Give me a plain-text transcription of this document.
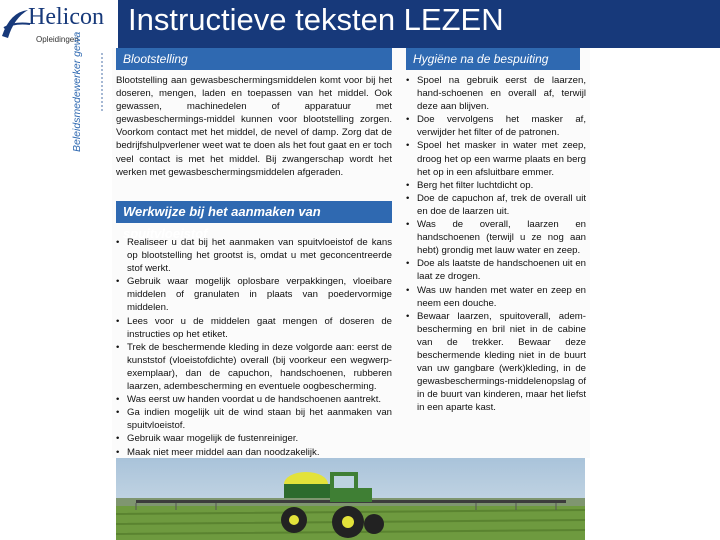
Helicon
Opleidingen
Instructieve teksten LEZEN
Beleidsmedewerker gewa	Blootstelling
Blootstelling aan gewasbeschermingsmiddelen komt voor bij het doseren, mengen, laden en toepassen van het middel. Ook gewassen, machinedelen of apparatuur met gewasbeschermings-middel kunnen voor blootstelling zorgen. Voorkom contact met het middel, de nevel of damp. Zorg dat de bedrijfshulpverlener weet wat te doen als het fout gaat en er toch veel contact is met het middel. Bij zwangerschap wordt het werken met gewasbeschermingsmiddelen afgeraden.
Werkwijze bij het aanmaken van spuitvloeistof
• Realiseer u dat bij het aanmaken van spuitvloeistof de kans op blootstelling het grootst is, omdat u met geconcentreerde stof werkt.
• Gebruik waar mogelijk oplosbare verpakkingen, vloeibare middelen of granulaten in plaats van poedervormige middelen.
• Lees voor u de middelen gaat mengen of doseren de instructies op het etiket.
• Trek de beschermende kleding in deze volgorde aan: eerst de kunststof (vloeistofdichte) overall (bij voorkeur een wegwerp-exemplaar), dan de capuchon, handschoenen, rubberen laarzen, adembescherming en eventuele oogbescherming.
• Was eerst uw handen voordat u de handschoenen aantrekt.
• Ga indien mogelijk uit de wind staan bij het aanmaken van spuitvloeistof.
• Gebruik waar mogelijk de fustenreiniger.
• Maak niet meer middel aan dan noodzakelijk.
Hygiëne na de bespuiting
• Spoel na gebruik eerst de laarzen, hand-schoenen en overall af, terwijl deze aan blijven.
• Doe vervolgens het masker af, verwijder het filter of de patronen.
• Spoel het masker in water met zeep, droog het op een warme plaats en berg het op in een afsluitbare emmer.
• Berg het filter luchtdicht op.
• Doe de capuchon af, trek de overall uit en doe de laarzen uit.
• Was de overall, laarzen en handschoenen (terwijl u ze nog aan hebt) grondig met lauw water en zeep.
• Doe als laatste de handschoenen uit en laat ze drogen.
• Was uw handen met water en zeep en neem een douche.
• Bewaar laarzen, spuitoverall, adem-bescherming en bril niet in de cabine van de trekker. Bewaar deze beschermende kleding niet in de buurt van uw gangbare (werk)kleding, in de gewasbeschermings-middelenopslag of in de buurt van kinderen, maar het liefst in een aparte kast.
